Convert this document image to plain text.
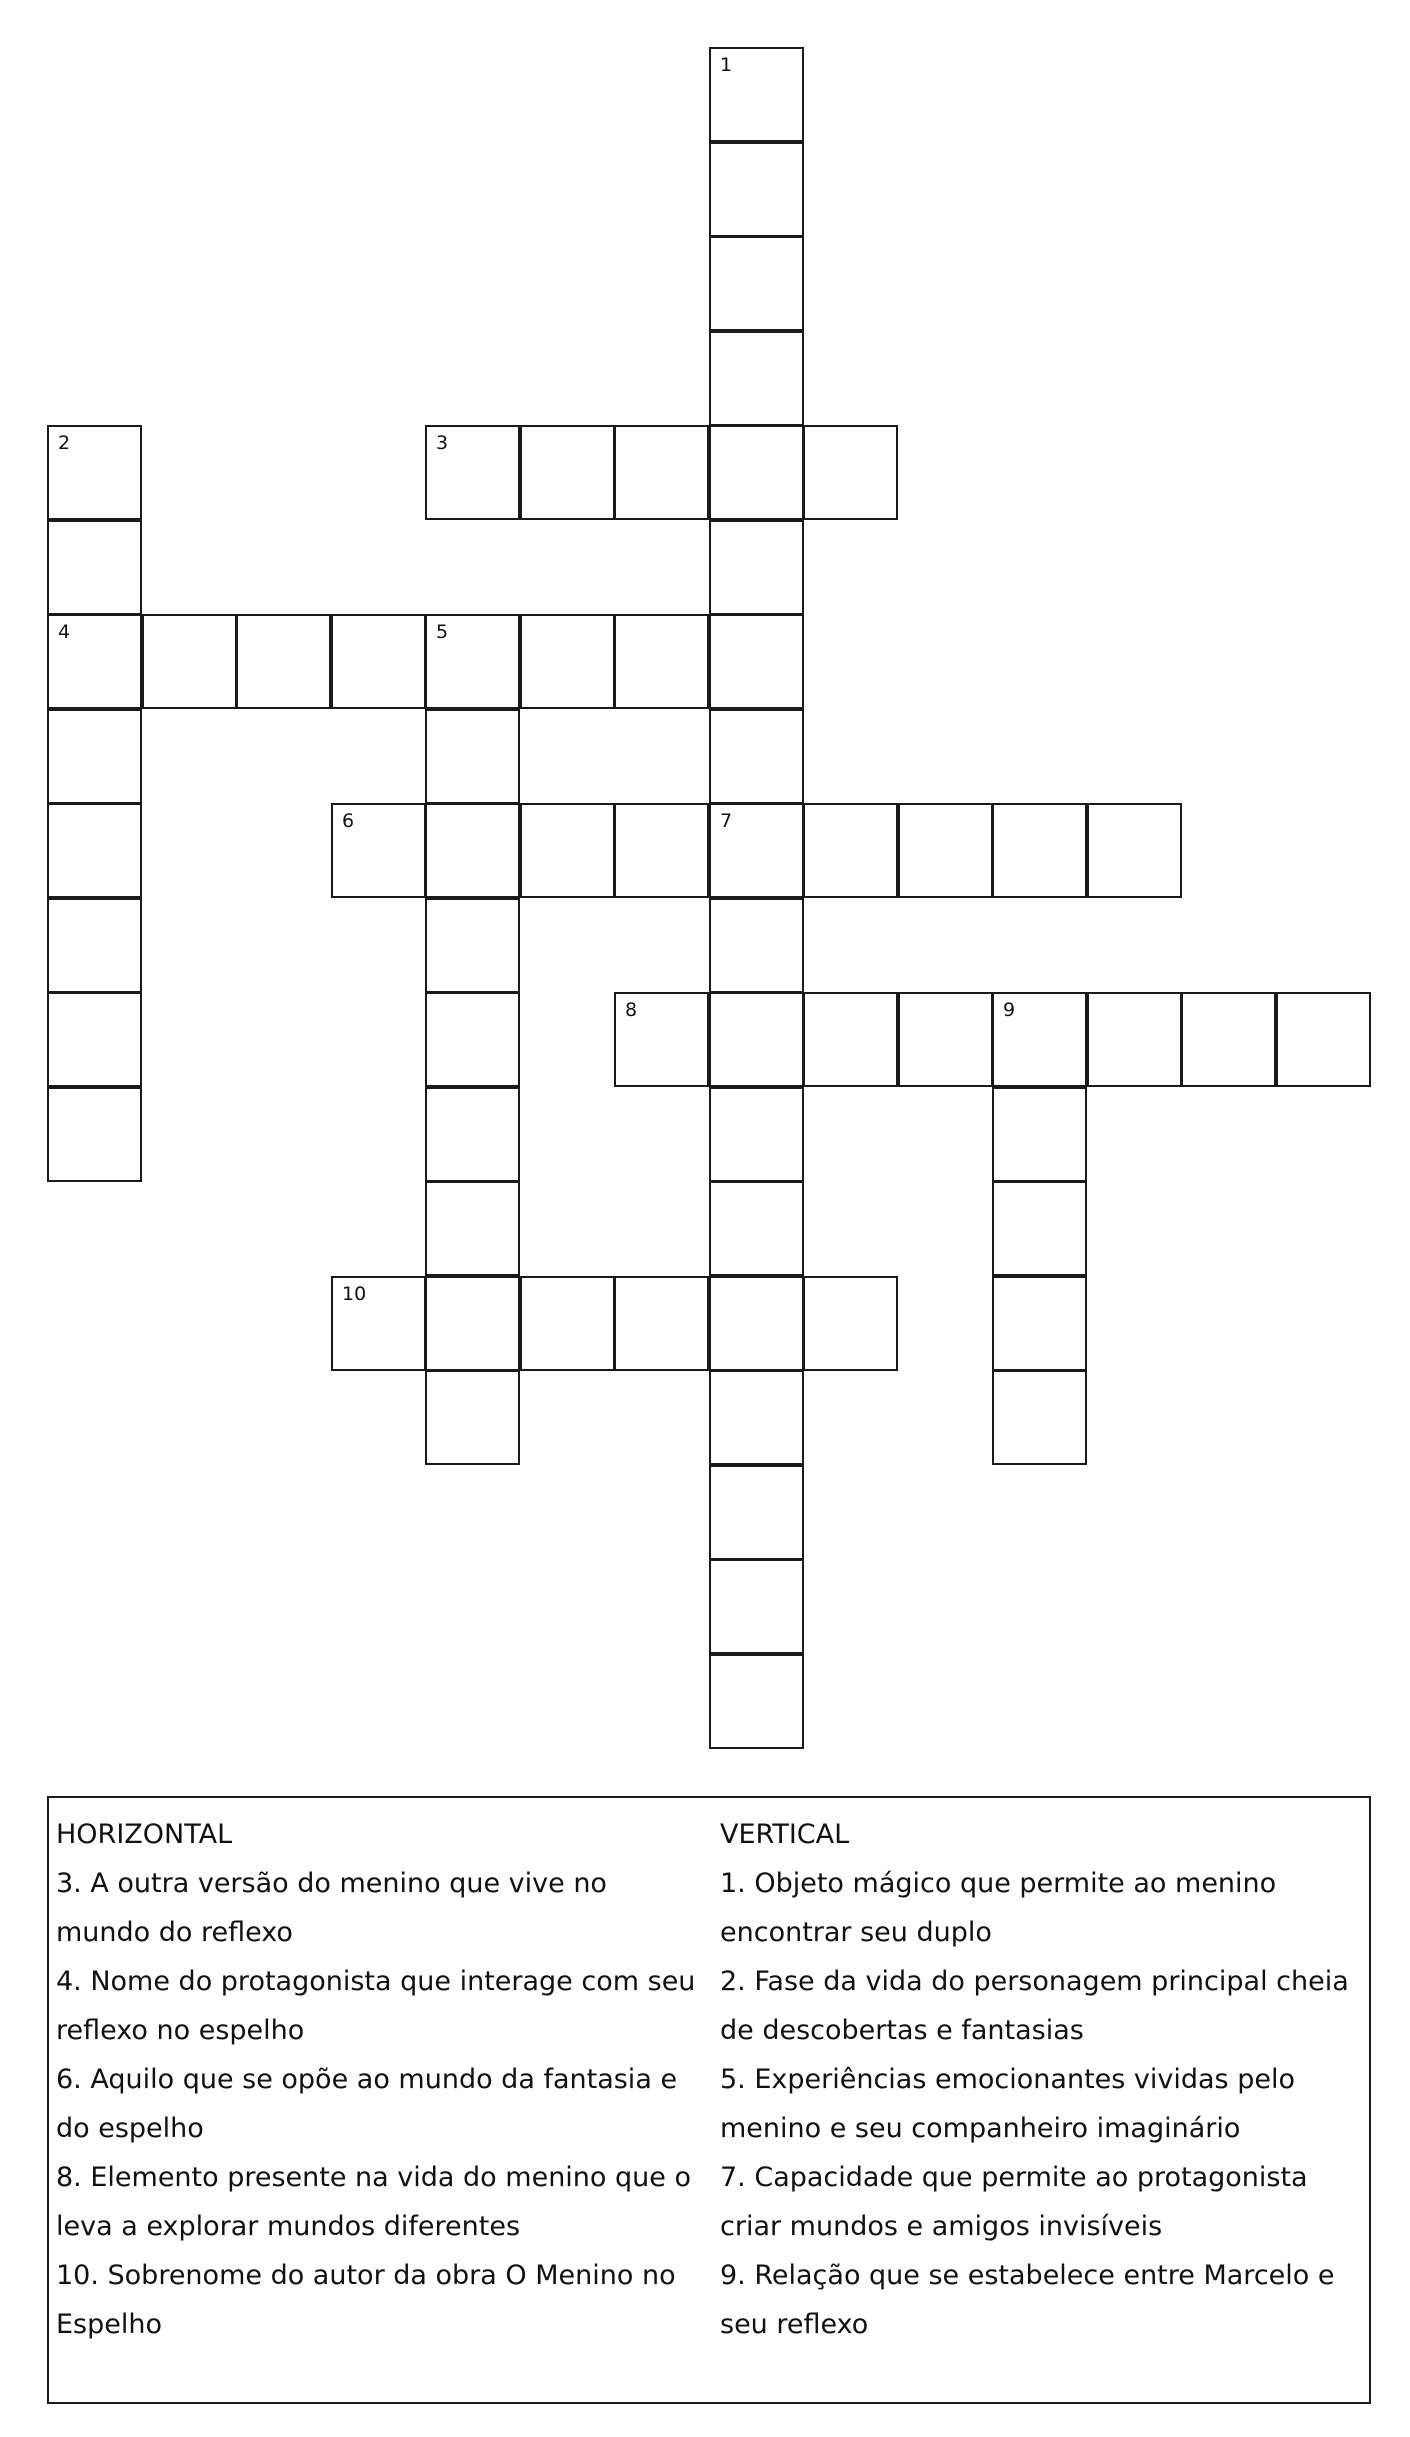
1
2	3
4	5
6	7
8	9
10
HORIZONTAL
3. A outra versão do menino que vive no mundo do reflexo
4. Nome do protagonista que interage com seu reflexo no espelho
6. Aquilo que se opõe ao mundo da fantasia e do espelho
8. Elemento presente na vida do menino que o leva a explorar mundos diferentes
10. Sobrenome do autor da obra O Menino no Espelho
VERTICAL
1. Objeto mágico que permite ao menino encontrar seu duplo
2. Fase da vida do personagem principal cheia de descobertas e fantasias
5. Experiências emocionantes vividas pelo menino e seu companheiro imaginário
7. Capacidade que permite ao protagonista criar mundos e amigos invisíveis
9. Relação que se estabelece entre Marcelo e seu reflexo
